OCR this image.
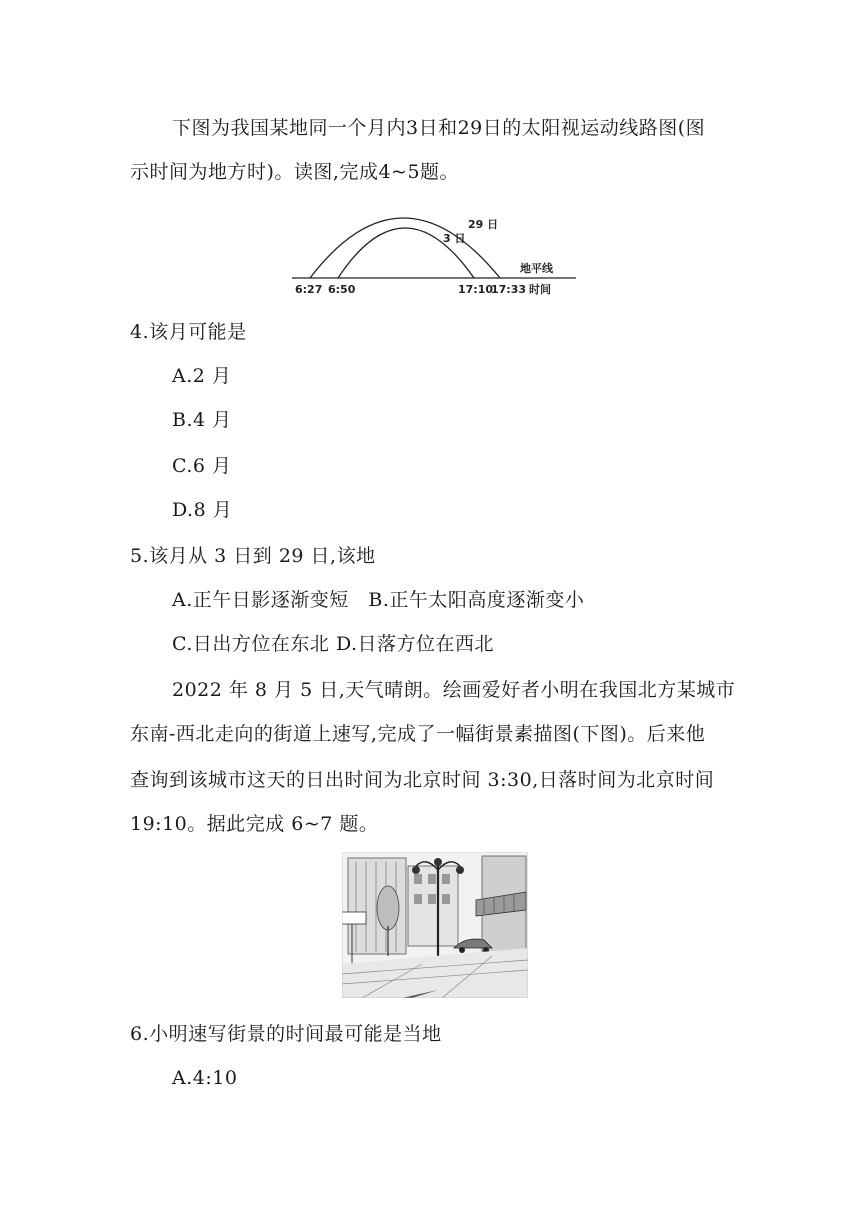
下图为我国某地同一个月内3日和29日的太阳视运动线路图(图
示时间为地方时)。读图,完成4~5题。
29 日
3 日
地平线
6:27 6:50	17:10
17:33 时间
4.该月可能是
A.2 月
B.4 月
C.6 月
D.8 月
5.该月从 3 日到 29 日,该地
A.正午日影逐渐变短   B.正午太阳高度逐渐变小
C.日出方位在东北 D.日落方位在西北
2022 年 8 月 5 日,天气晴朗。绘画爱好者小明在我国北方某城市
东南-西北走向的街道上速写,完成了一幅街景素描图(下图)。后来他
查询到该城市这天的日出时间为北京时间 3:30,日落时间为北京时间
19:10。据此完成 6~7 题。
6.小明速写街景的时间最可能是当地
A.4:10
